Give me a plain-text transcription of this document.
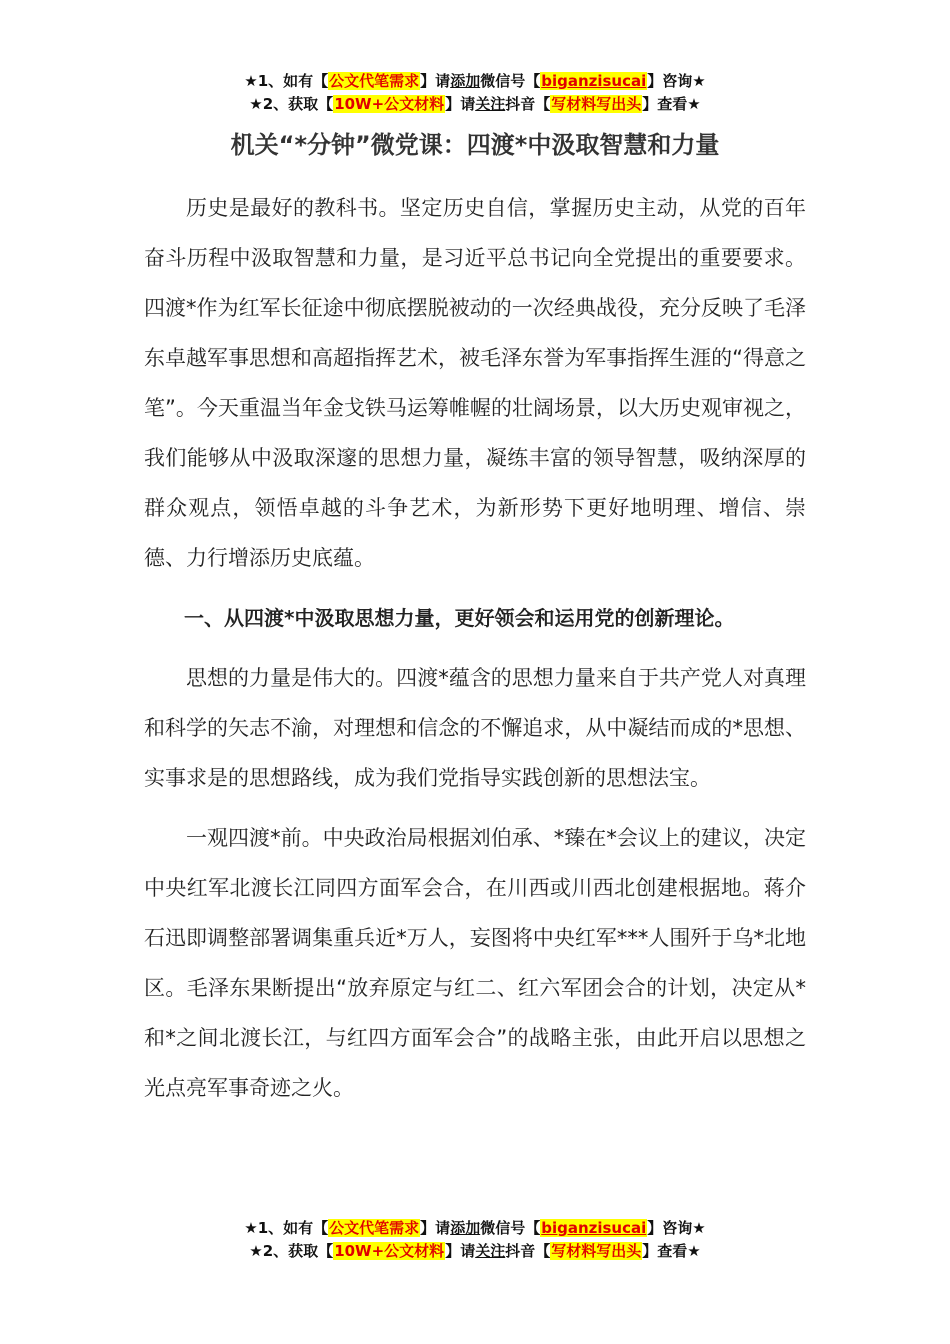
★1、如有【公文代笔需求】请添加微信号【biganzisucai】咨询★
★2、获取【10W+公文材料】请关注抖音【写材料写出头】查看★
机关“*分钟”微党课：四渡*中汲取智慧和力量

历史是最好的教科书。坚定历史自信，掌握历史主动，从党的百年奋斗历程中汲取智慧和力量，是习近平总书记向全党提出的重要要求。四渡*作为红军长征途中彻底摆脱被动的一次经典战役，充分反映了毛泽东卓越军事思想和高超指挥艺术，被毛泽东誉为军事指挥生涯的“得意之笔”。今天重温当年金戈铁马运筹帷幄的壮阔场景，以大历史观审视之，我们能够从中汲取深邃的思想力量，凝练丰富的领导智慧，吸纳深厚的群众观点，领悟卓越的斗争艺术，为新形势下更好地明理、增信、崇德、力行增添历史底蕴。

一、从四渡*中汲取思想力量，更好领会和运用党的创新理论。

思想的力量是伟大的。四渡*蕴含的思想力量来自于共产党人对真理和科学的矢志不渝，对理想和信念的不懈追求，从中凝结而成的*思想、实事求是的思想路线，成为我们党指导实践创新的思想法宝。

一观四渡*前。中央政治局根据刘伯承、*臻在*会议上的建议，决定中央红军北渡长江同四方面军会合，在川西或川西北创建根据地。蒋介石迅即调整部署调集重兵近*万人，妄图将中央红军***人围歼于乌*北地区。毛泽东果断提出“放弃原定与红二、红六军团会合的计划，决定从*和*之间北渡长江，与红四方面军会合”的战略主张，由此开启以思想之光点亮军事奇迹之火。

★1、如有【公文代笔需求】请添加微信号【biganzisucai】咨询★
★2、获取【10W+公文材料】请关注抖音【写材料写出头】查看★
